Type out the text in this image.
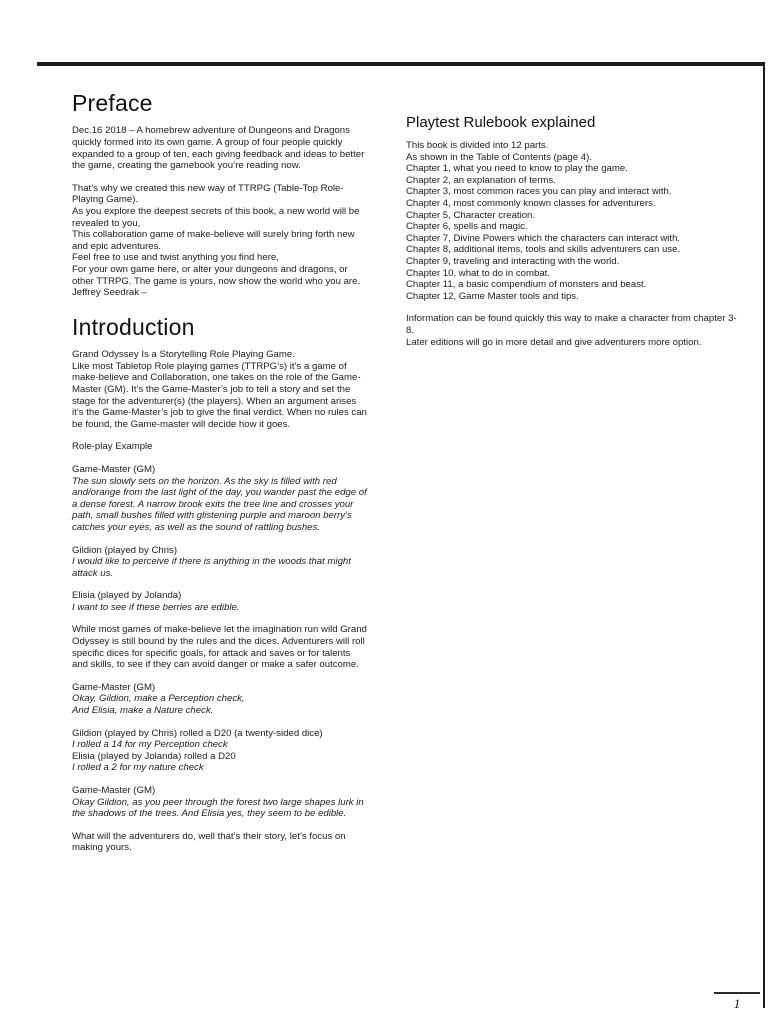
Preface

Dec.16 2018 – A homebrew adventure of Dungeons and Dragons quickly formed into its own game. A group of four people quickly expanded to a group of ten, each giving feedback and ideas to better the game, creating the gamebook you’re reading now.

That’s why we created this new way of TTRPG (Table-Top Role-Playing Game).

As you explore the deepest secrets of this book, a new world will be revealed to you,

This collaboration game of make-believe will surely bring forth new and epic adventures.

Feel free to use and twist anything you find here,

For your own game here, or alter your dungeons and dragons, or other TTRPG. The game is yours, now show the world who you are. Jeffrey Seedrak –

Introduction

Grand Odyssey Is a Storytelling Role Playing Game.

Like most Tabletop Role playing games (TTRPG’s) it’s a game of make-believe and Collaboration, one takes on the role of the Game-Master (GM). It’s the Game-Master’s job to tell a story and set the stage for the adventurer(s) (the players). When an argument arises it’s the Game-Master’s job to give the final verdict. When no rules can be found, the Game-master will decide how it goes.

Role-play Example

Game-Master (GM)

The sun slowly sets on the horizon. As the sky is filled with red and/orange from the last light of the day, you wander past the edge of a dense forest. A narrow brook exits the tree line and crosses your path, small bushes filled with glistening purple and maroon berry’s catches your eyes, as well as the sound of rattling bushes.

Gildion (played by Chris)

I would like to perceive if there is anything in the woods that might attack us.

Elisia (played by Jolanda)

I want to see if these berries are edible.

While most games of make-believe let the imagination run wild Grand Odyssey is still bound by the rules and the dices. Adventurers will roll specific dices for specific goals, for attack and saves or for talents and skills, to see if they can avoid danger or make a safer outcome.

Game-Master (GM)

Okay, Gildion, make a Perception check,

And Elisia, make a Nature check.

Gildion (played by Chris) rolled a D20 (a twenty-sided dice)

I rolled a 14 for my Perception check

Elisia (played by Jolanda) rolled a D20

I rolled a 2 for my nature check

Game-Master (GM)

Okay Gildion, as you peer through the forest two large shapes lurk in the shadows of the trees. And Elisia yes, they seem to be edible.

What will the adventurers do, well that’s their story, let’s focus on making yours.

Playtest Rulebook explained

This book is divided into 12 parts.

As shown in the Table of Contents (page 4).

Chapter 1, what you need to know to play the game.

Chapter 2, an explanation of terms.

Chapter 3, most common races you can play and interact with.

Chapter 4, most commonly known classes for adventurers.

Chapter 5, Character creation.

Chapter 6, spells and magic.

Chapter 7, Divine Powers which the characters can interact with.

Chapter 8, additional items, tools and skills adventurers can use.

Chapter 9, traveling and interacting with the world.

Chapter 10, what to do in combat.

Chapter 11, a basic compendium of monsters and beast.

Chapter 12, Game Master tools and tips.

Information can be found quickly this way to make a character from chapter 3-8.

Later editions will go in more detail and give adventurers more option.

1
